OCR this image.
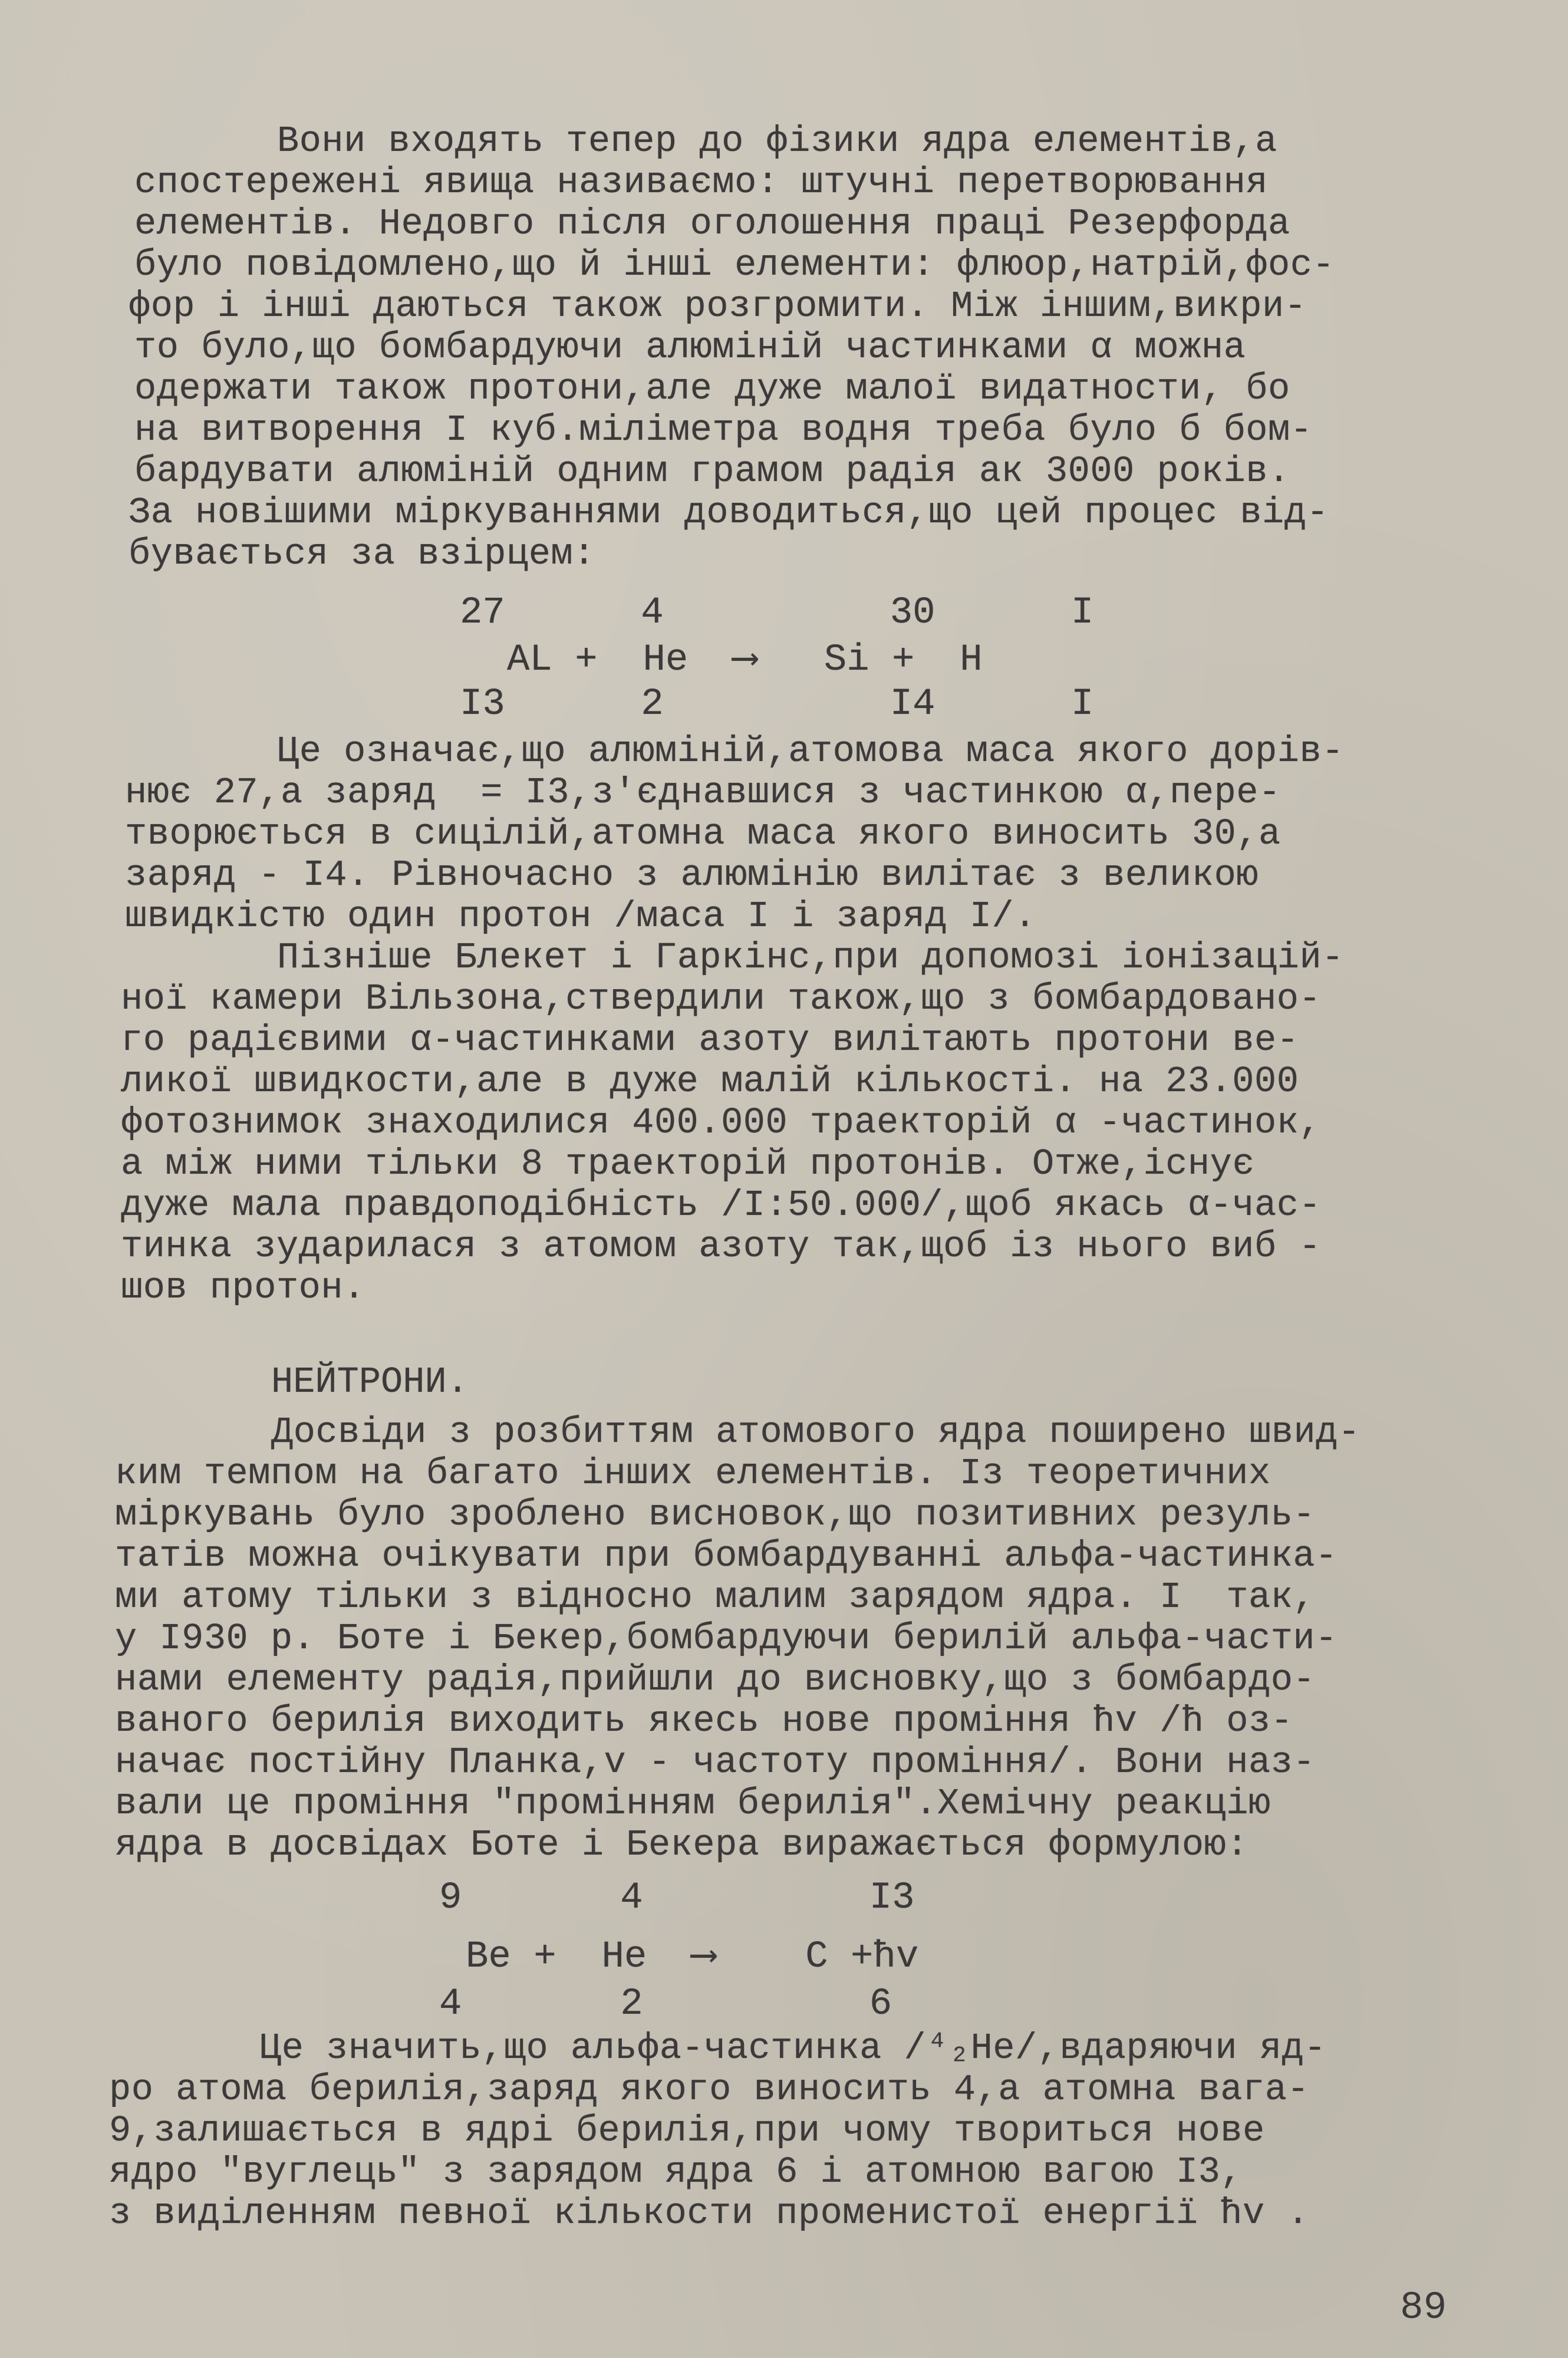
Вони входять тепер до фізики ядра елементів,а
спостережені явища називаємо: штучні перетворювання
елементів. Недовго після оголошення праці Резерфорда
було повідомлено,що й інші елементи: флюор,натрій,фос-
фор і інші даються також розгромити. Між іншим,викри-
то було,що бомбардуючи алюміній частинками α можна
одержати також протони,але дуже малої видатности, бо
на витворення I куб.міліметра водня треба було б бом-
бардувати алюміній одним грамом радія ак 3000 років.
За новішими міркуваннями доводиться,що цей процес від-
бувається за взірцем:
27      4          30      I
AL +  He  ⟶   Si +  H
I3      2          I4      I
Це означає,що алюміній,атомова маса якого дорів-
нює 27,а заряд  = I3,з'єднавшися з частинкою α,пере-
творюється в сицілій,атомна маса якого виносить 30,а
заряд - I4. Рівночасно з алюмінію вилітає з великою
швидкістю один протон /маса I і заряд I/.
Пізніше Блекет і Гаркінс,при допомозі іонізацій-
ної камери Вільзона,ствердили також,що з бомбардовано-
го радієвими α-частинками азоту вилітають протони ве-
ликої швидкости,але в дуже малій кількості. на 23.000
фотознимок знаходилися 400.000 траекторій α -частинок,
а між ними тільки 8 траекторій протонів. Отже,існує
дуже мала правдоподібність /I:50.000/,щоб якась α-час-
тинка зударилася з атомом азоту так,щоб із нього виб -
шов протон.
НЕЙТРОНИ.
Досвіди з розбиттям атомового ядра поширено швид-
ким темпом на багато інших елементів. Із теоретичних
міркувань було зроблено висновок,що позитивних резуль-
татів можна очікувати при бомбардуванні альфа-частинка-
ми атому тільки з відносно малим зарядом ядра. I  так,
у I930 р. Боте і Бекер,бомбардуючи берилій альфа-части-
нами елементу радія,прийшли до висновку,що з бомбардо-
ваного берилія виходить якесь нове проміння ħv /ħ оз-
начає постійну Планка,v - частоту проміння/. Вони наз-
вали це проміння "промінням берилія".Хемічну реакцію
ядра в досвідах Боте і Бекера виражається формулою:
9       4          I3
Be +  He  ⟶    C +ħv
4       2          6
Це значить,що альфа-частинка /⁴₂He/,вдаряючи яд-
ро атома берилія,заряд якого виносить 4,а атомна вага-
9,залишається в ядрі берилія,при чому твориться нове
ядро "вуглець" з зарядом ядра 6 і атомною вагою I3,
з виділенням певної кількости променистої енергії ħv .
89
